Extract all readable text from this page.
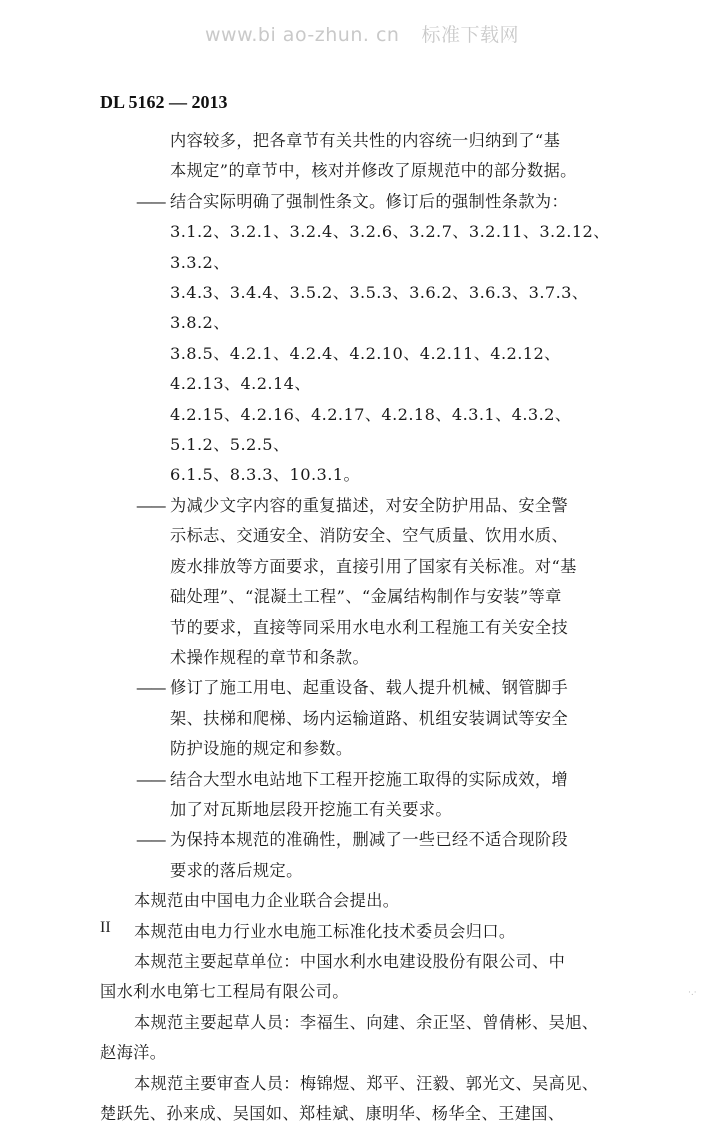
www.bi ao-zhun. cn 标准下载网
DL 5162 — 2013
内容较多，把各章节有关共性的内容统一归纳到了“基
本规定”的章节中，核对并修改了原规范中的部分数据。
—— 结合实际明确了强制性条文。修订后的强制性条款为：
3.1.2、3.2.1、3.2.4、3.2.6、3.2.7、3.2.11、3.2.12、3.3.2、
3.4.3、3.4.4、3.5.2、3.5.3、3.6.2、3.6.3、3.7.3、3.8.2、
3.8.5、4.2.1、4.2.4、4.2.10、4.2.11、4.2.12、4.2.13、4.2.14、
4.2.15、4.2.16、4.2.17、4.2.18、4.3.1、4.3.2、5.1.2、5.2.5、
6.1.5、8.3.3、10.3.1。
—— 为减少文字内容的重复描述，对安全防护用品、安全警
示标志、交通安全、消防安全、空气质量、饮用水质、
废水排放等方面要求，直接引用了国家有关标准。对“基
础处理”、“混凝土工程”、“金属结构制作与安装”等章
节的要求，直接等同采用水电水利工程施工有关安全技
术操作规程的章节和条款。
—— 修订了施工用电、起重设备、载人提升机械、钢管脚手
架、扶梯和爬梯、场内运输道路、机组安装调试等安全
防护设施的规定和参数。
—— 结合大型水电站地下工程开挖施工取得的实际成效，增
加了对瓦斯地层段开挖施工有关要求。
—— 为保持本规范的准确性，删减了一些已经不适合现阶段
要求的落后规定。
本规范由中国电力企业联合会提出。
本规范由电力行业水电施工标准化技术委员会归口。
本规范主要起草单位：中国水利水电建设股份有限公司、中
国水利水电第七工程局有限公司。
本规范主要起草人员：李福生、向建、余正坚、曾倩彬、吴旭、
赵海洋。
本规范主要审查人员：梅锦煜、郑平、汪毅、郭光文、吴高见、
楚跃先、孙来成、吴国如、郑桂斌、康明华、杨华全、王建国、
II
·.·
